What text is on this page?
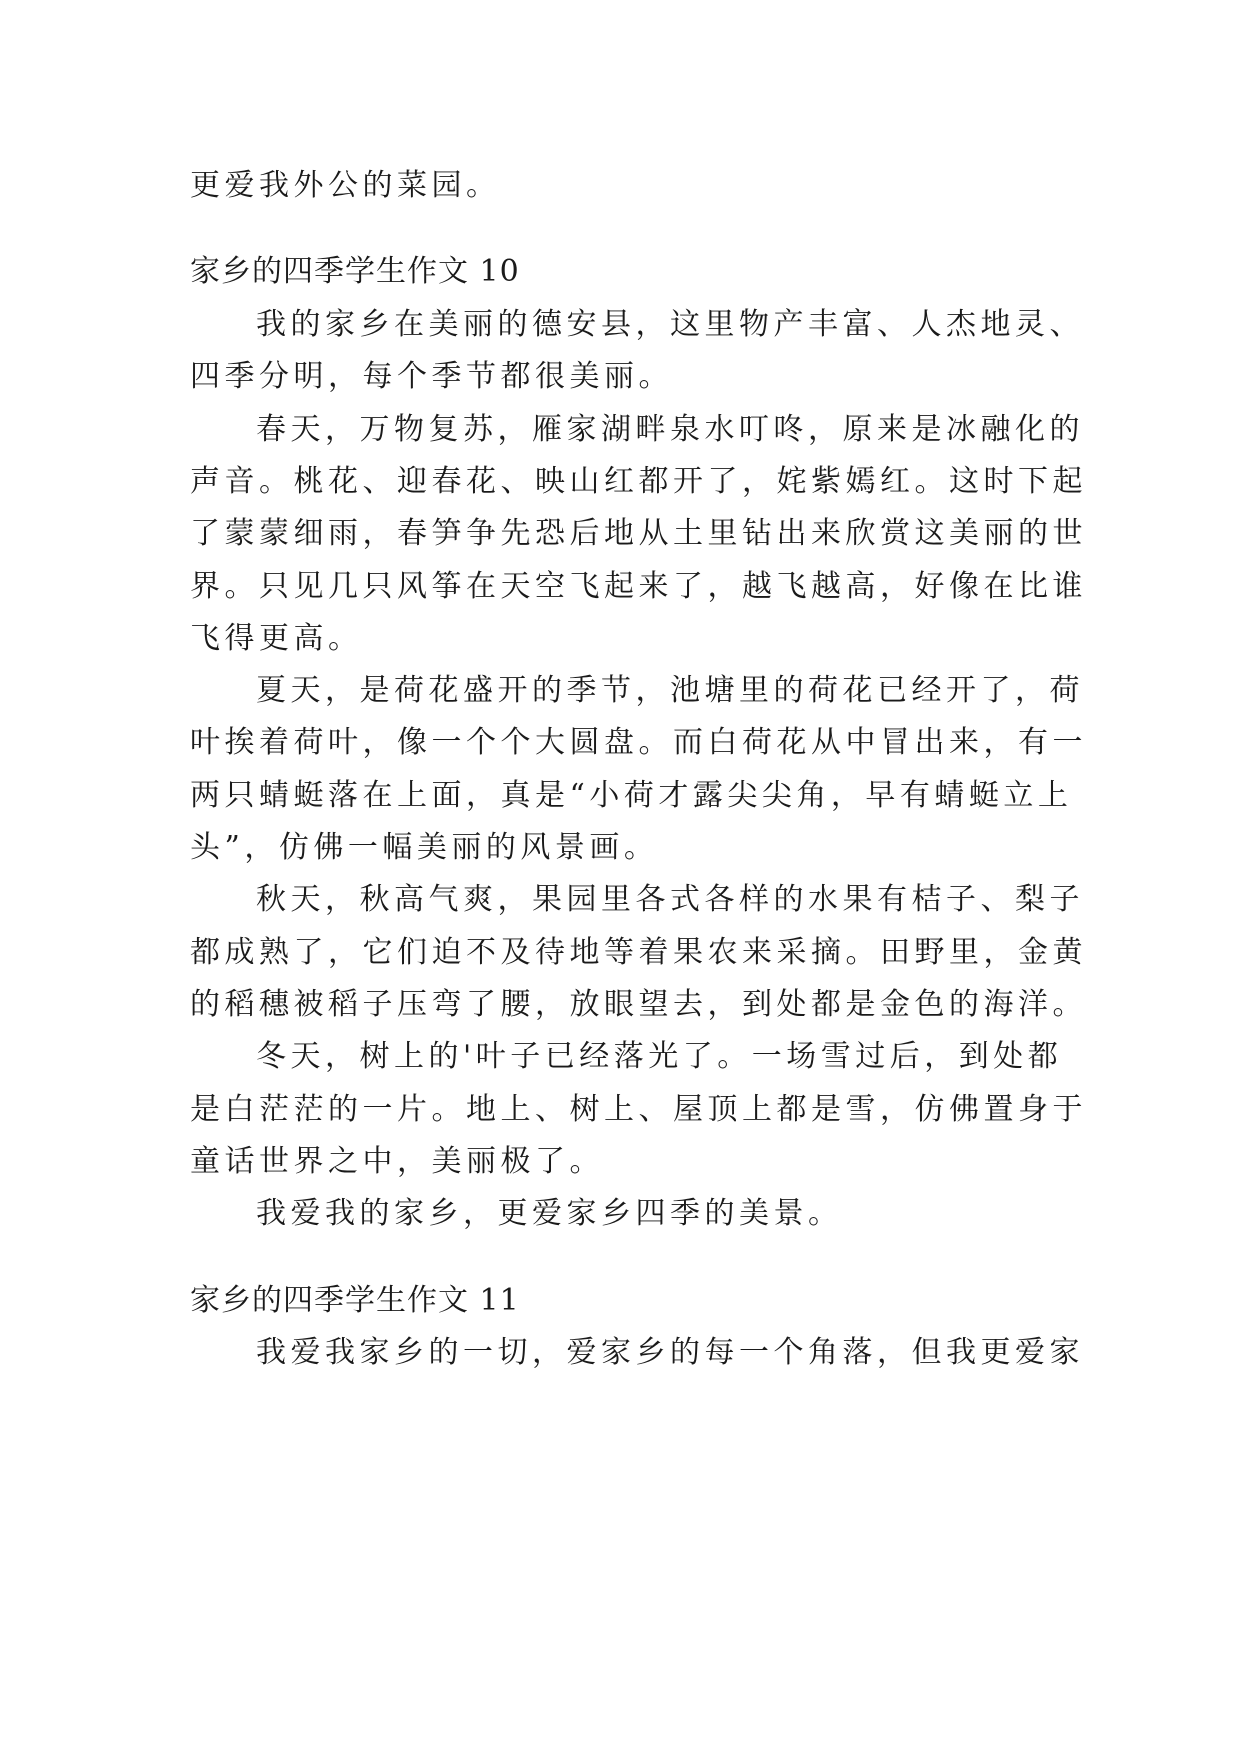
更爱我外公的菜园。
家乡的四季学生作文 10
我的家乡在美丽的德安县，这里物产丰富、人杰地灵、
四季分明，每个季节都很美丽。
春天，万物复苏，雁家湖畔泉水叮咚，原来是冰融化的
声音。桃花、迎春花、映山红都开了，姹紫嫣红。这时下起
了蒙蒙细雨，春笋争先恐后地从土里钻出来欣赏这美丽的世
界。只见几只风筝在天空飞起来了，越飞越高，好像在比谁
飞得更高。
夏天，是荷花盛开的季节，池塘里的荷花已经开了，荷
叶挨着荷叶，像一个个大圆盘。而白荷花从中冒出来，有一
两只蜻蜓落在上面，真是“小荷才露尖尖角，早有蜻蜓立上
头”，仿佛一幅美丽的风景画。
秋天，秋高气爽，果园里各式各样的水果有桔子、梨子
都成熟了，它们迫不及待地等着果农来采摘。田野里，金黄
的稻穗被稻子压弯了腰，放眼望去，到处都是金色的海洋。
冬天，树上的'叶子已经落光了。一场雪过后，到处都
是白茫茫的一片。地上、树上、屋顶上都是雪，仿佛置身于
童话世界之中，美丽极了。
我爱我的家乡，更爱家乡四季的美景。
家乡的四季学生作文 11
我爱我家乡的一切，爱家乡的每一个角落，但我更爱家
